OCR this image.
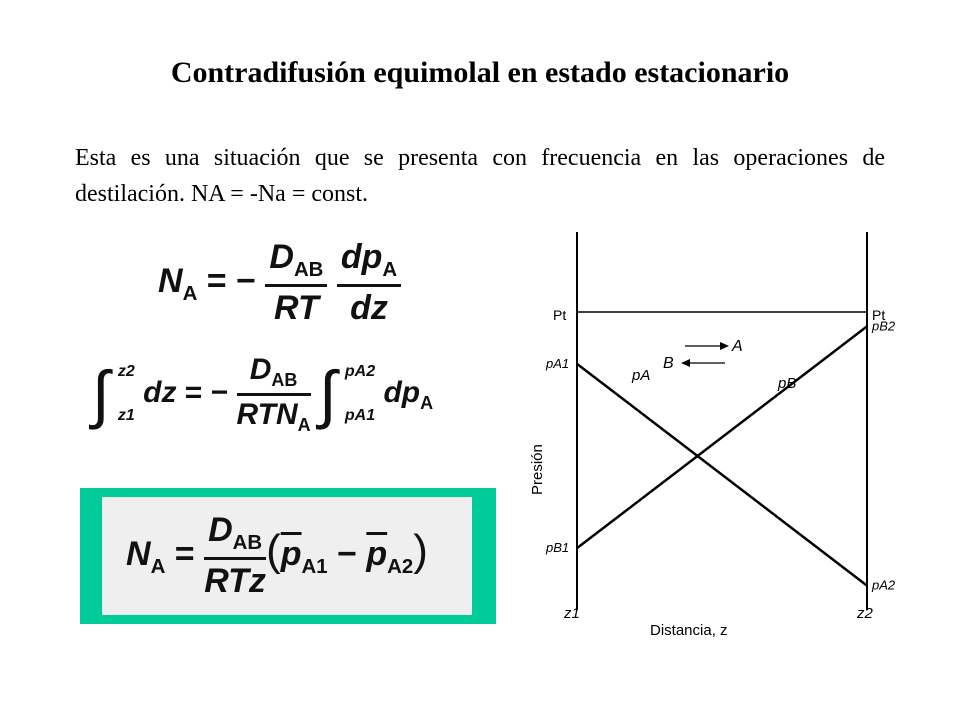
Contradifusión equimolal en estado estacionario
Esta es una situación que se presenta con frecuencia en las operaciones de destilación. NA = -Na = const.
$N_A$ = − $\frac{D_{AB}}{RT}$
$\frac{dp_A}{dz}$
∫ z2
z1 dz = − $\frac{D_{AB}}{RTN_A}$ ∫ pA2
pA1 $dp_A$
$N_A = \frac{D_{AB}}{\text{RTz}} (\overline{p}_{A1} - \overline{p}_{A2})$
Pt	Pt
pA1
pA2
pB1
pB2
pA	pB
A
B
Presión
Distancia, z
z1	z2
